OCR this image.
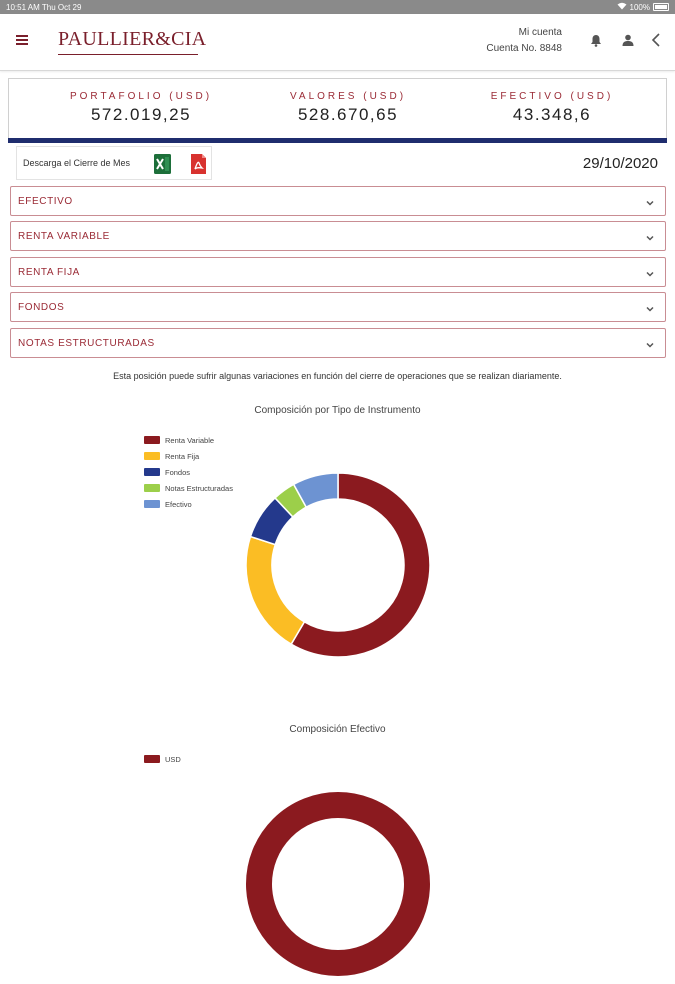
10:51 AM Thu Oct 29	100%
PAULLIER&CIA	Mi cuenta
Cuenta No. 8848
PORTAFOLIO (USD)
572.019,25
VALORES (USD)
528.670,65
EFECTIVO (USD)
43.348,6
Descarga el Cierre de Mes	29/10/2020
EFECTIVO
RENTA VARIABLE
RENTA FIJA
FONDOS
NOTAS ESTRUCTURADAS
Esta posición puede sufrir algunas variaciones en función del cierre de operaciones que se realizan diariamente.
Composición por Tipo de Instrumento
Renta Variable
Renta Fija
Fondos
Notas Estructuradas
Efectivo
Composición Efectivo
USD
